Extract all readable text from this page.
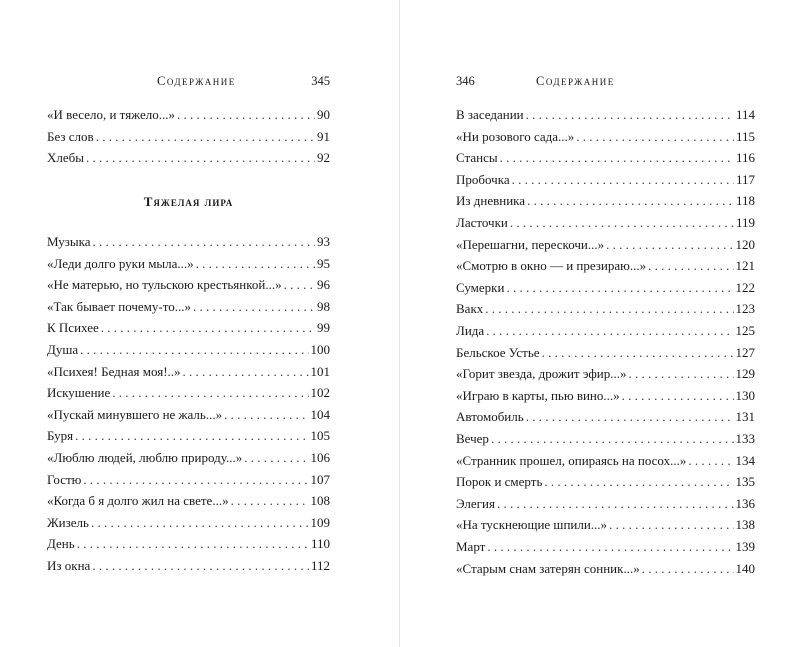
Содержание	345
«И весело, и тяжело...» . . .	90
Без слов . . .	91
Хлебы . . .	92
Тяжелая лира
Музыка . . .	93
«Леди долго руки мыла...» . . .	95
«Не матерью, но тульскою крестьянкой...» . . .	96
«Так бывает почему-то...» . . .	98
К Психее . . .	99
Душа . . .	100
«Психея! Бедная моя!..» . . .	101
Искушение . . .	102
«Пускай минувшего не жаль...» . . .	104
Буря . . .	105
«Люблю людей, люблю природу...» . . .	106
Гостю . . .	107
«Когда б я долго жил на свете...» . . .	108
Жизель . . .	109
День . . .	110
Из окна . . .	112
346	Содержание
В заседании . . .	114
«Ни розового сада...» . . .	115
Стансы . . .	116
Пробочка . . .	117
Из дневника . . .	118
Ласточки . . .	119
«Перешагни, перескочи...» . . .	120
«Смотрю в окно — и презираю...» . . .	121
Сумерки . . .	122
Вакх . . .	123
Лида . . .	125
Бельское Устье . . .	127
«Горит звезда, дрожит эфир...» . . .	129
«Играю в карты, пью вино...» . . .	130
Автомобиль . . .	131
Вечер . . .	133
«Странник прошел, опираясь на посох...» . . .	134
Порок и смерть . . .	135
Элегия . . .	136
«На тускнеющие шпили...» . . .	138
Март . . .	139
«Старым снам затерян сонник...» . . .	140
